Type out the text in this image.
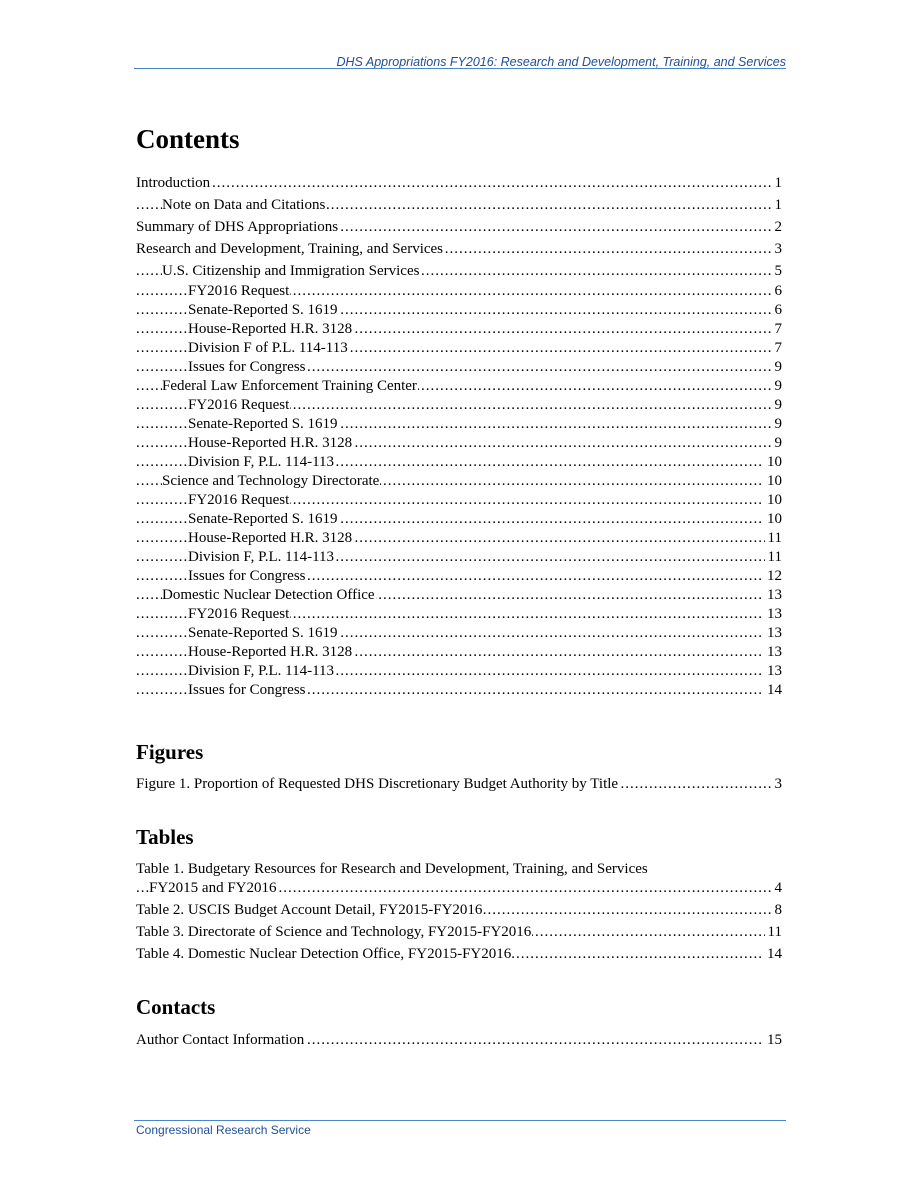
DHS Appropriations FY2016: Research and Development, Training, and Services
Contents
Introduction	1
.....
Note on Data and Citations	1
.....
Summary of DHS Appropriations	2
.....
Research and Development, Training, and Services	3
.....
U.S. Citizenship and Immigration Services	5
.....
FY2016 Request	6
.....
Senate-Reported S. 1619	6
.....
House-Reported H.R. 3128	7
.....
Division F of P.L. 114-113	7
.....
Issues for Congress	9
.....
Federal Law Enforcement Training Center	9
.....
FY2016 Request	9
.....
Senate-Reported S. 1619	9
.....
House-Reported H.R. 3128	9
.....
Division F, P.L. 114-113	10
.....
Science and Technology Directorate	10
.....
FY2016 Request	10
.....
Senate-Reported S. 1619	10
.....
House-Reported H.R. 3128	11
.....
Division F, P.L. 114-113	11
.....
Issues for Congress	12
.....
Domestic Nuclear Detection Office	13
.....
FY2016 Request	13
.....
Senate-Reported S. 1619	13
.....
House-Reported H.R. 3128	13
.....
Division F, P.L. 114-113	13
.....
Issues for Congress	14
.....
Figures
Figure 1. Proportion of Requested DHS Discretionary Budget Authority by Title	3
.....
Tables
Table 1. Budgetary Resources for Research and Development, Training, and Services
FY2015 and FY2016	4
.....
Table 2. USCIS Budget Account Detail, FY2015-FY2016	8
.....
Table 3. Directorate of Science and Technology, FY2015-FY2016	11
.....
Table 4. Domestic Nuclear Detection Office, FY2015-FY2016	14
.....
Contacts
Author Contact Information	15
.....
Congressional Research Service
